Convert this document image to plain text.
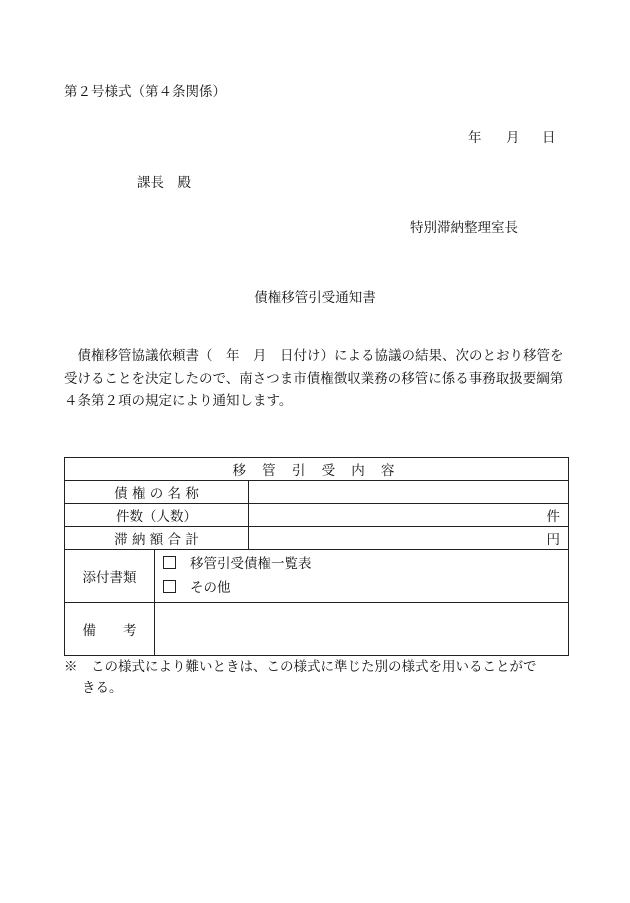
第２号様式（第４条関係）
年 月 日
課長　殿
特別滞納整理室長
債権移管引受通知書
債権移管協議依頼書（　年　月　日付け）による協議の結果、次のとおり移管を受けることを決定したので、南さつま市債権徴収業務の移管に係る事務取扱要綱第４条第２項の規定により通知します。
移管引受内容		
債 権 の 名 称		
件数（人数）		件
滞 納 額 合 計		円
添付書類	移管引受債権一覧表
その他	

備　　考		
※　この様式により難いときは、この様式に準じた別の様式を用いることがで
きる。
